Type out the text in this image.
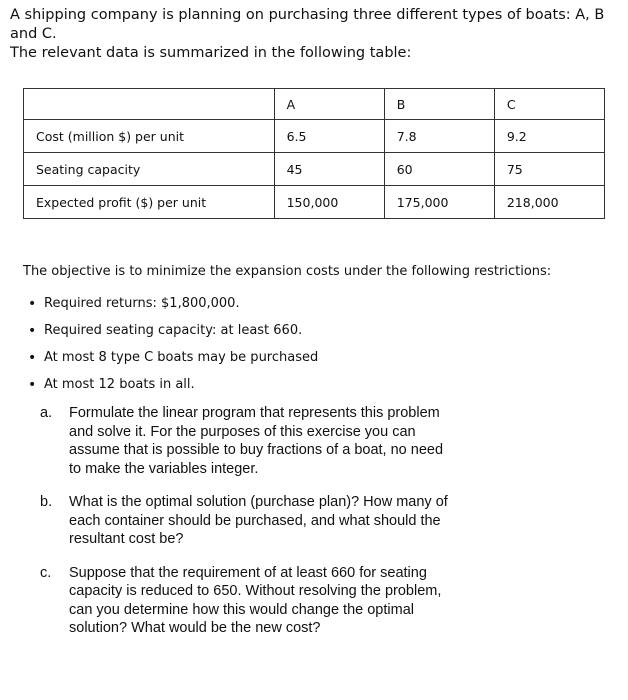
A shipping company is planning on purchasing three different types of boats: A, B and C.
The relevant data is summarized in the following table:
	A	B	C
Cost (million $) per unit	6.5	7.8	9.2
Seating capacity	45	60	75
Expected profit ($) per unit	150,000	175,000	218,000
The objective is to minimize the expansion costs under the following restrictions:
• Required returns: $1,800,000.
• Required seating capacity: at least 660.
• At most 8 type C boats may be purchased
• At most 12 boats in all.
a.	Formulate the linear program that represents this problem
and solve it. For the purposes of this exercise you can
assume that is possible to buy fractions of a boat, no need
to make the variables integer.
b.	What is the optimal solution (purchase plan)? How many of
each container should be purchased, and what should the
resultant cost be?
c.	Suppose that the requirement of at least 660 for seating
capacity is reduced to 650. Without resolving the problem,
can you determine how this would change the optimal
solution? What would be the new cost?
